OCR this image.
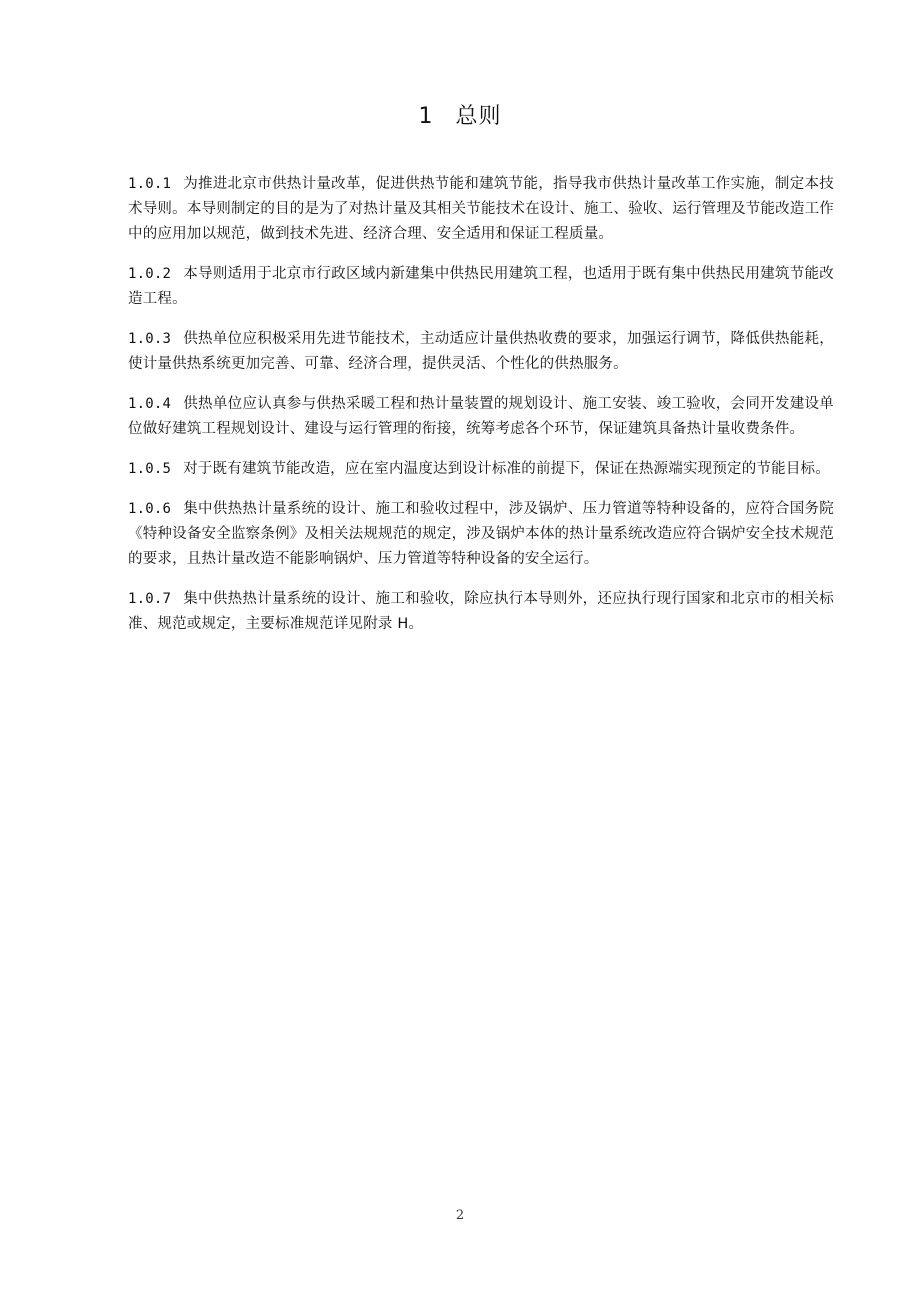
1 总则

1.0.1 为推进北京市供热计量改革，促进供热节能和建筑节能，指导我市供热计量改革工作实施，制定本技术导则。本导则制定的目的是为了对热计量及其相关节能技术在设计、施工、验收、运行管理及节能改造工作中的应用加以规范，做到技术先进、经济合理、安全适用和保证工程质量。

1.0.2 本导则适用于北京市行政区域内新建集中供热民用建筑工程，也适用于既有集中供热民用建筑节能改造工程。

1.0.3 供热单位应积极采用先进节能技术，主动适应计量供热收费的要求，加强运行调节，降低供热能耗，使计量供热系统更加完善、可靠、经济合理，提供灵活、个性化的供热服务。

1.0.4 供热单位应认真参与供热采暖工程和热计量装置的规划设计、施工安装、竣工验收，会同开发建设单位做好建筑工程规划设计、建设与运行管理的衔接，统筹考虑各个环节，保证建筑具备热计量收费条件。

1.0.5 对于既有建筑节能改造，应在室内温度达到设计标准的前提下，保证在热源端实现预定的节能目标。

1.0.6 集中供热热计量系统的设计、施工和验收过程中，涉及锅炉、压力管道等特种设备的，应符合国务院《特种设备安全监察条例》及相关法规规范的规定，涉及锅炉本体的热计量系统改造应符合锅炉安全技术规范的要求，且热计量改造不能影响锅炉、压力管道等特种设备的安全运行。

1.0.7 集中供热热计量系统的设计、施工和验收，除应执行本导则外，还应执行现行国家和北京市的相关标准、规范或规定，主要标准规范详见附录 H。

2
